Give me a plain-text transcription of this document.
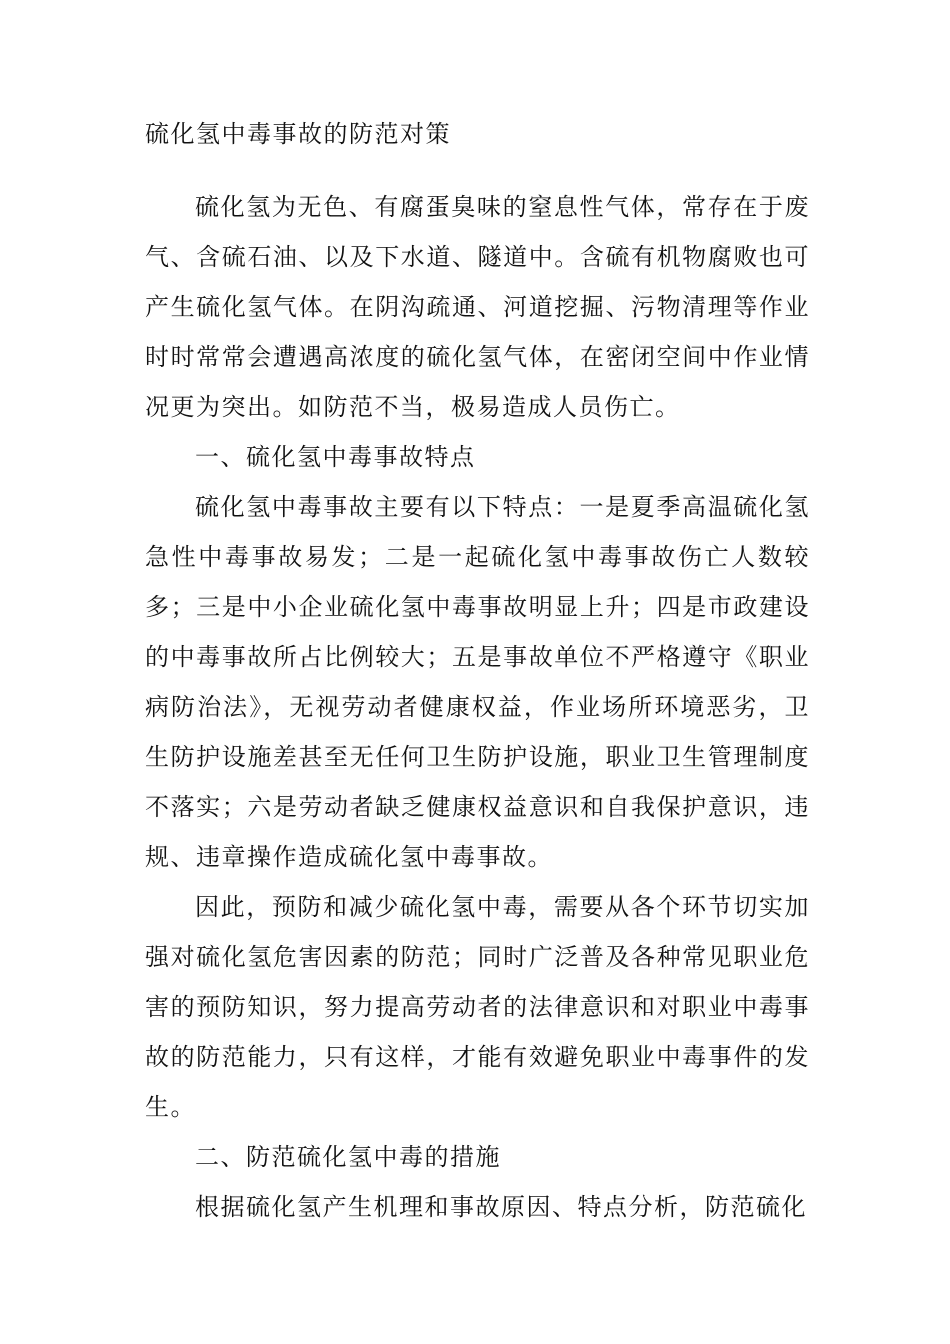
硫化氢中毒事故的防范对策

硫化氢为无色、有腐蛋臭味的窒息性气体，常存在于废气、含硫石油、以及下水道、隧道中。含硫有机物腐败也可产生硫化氢气体。在阴沟疏通、河道挖掘、污物清理等作业时时常常会遭遇高浓度的硫化氢气体，在密闭空间中作业情况更为突出。如防范不当，极易造成人员伤亡。

一、硫化氢中毒事故特点

硫化氢中毒事故主要有以下特点：一是夏季高温硫化氢急性中毒事故易发；二是一起硫化氢中毒事故伤亡人数较多；三是中小企业硫化氢中毒事故明显上升；四是市政建设的中毒事故所占比例较大；五是事故单位不严格遵守《职业病防治法》，无视劳动者健康权益，作业场所环境恶劣，卫生防护设施差甚至无任何卫生防护设施，职业卫生管理制度不落实；六是劳动者缺乏健康权益意识和自我保护意识，违规、违章操作造成硫化氢中毒事故。

因此，预防和减少硫化氢中毒，需要从各个环节切实加强对硫化氢危害因素的防范；同时广泛普及各种常见职业危害的预防知识，努力提高劳动者的法律意识和对职业中毒事故的防范能力，只有这样，才能有效避免职业中毒事件的发生。

二、防范硫化氢中毒的措施

根据硫化氢产生机理和事故原因、特点分析，防范硫化
